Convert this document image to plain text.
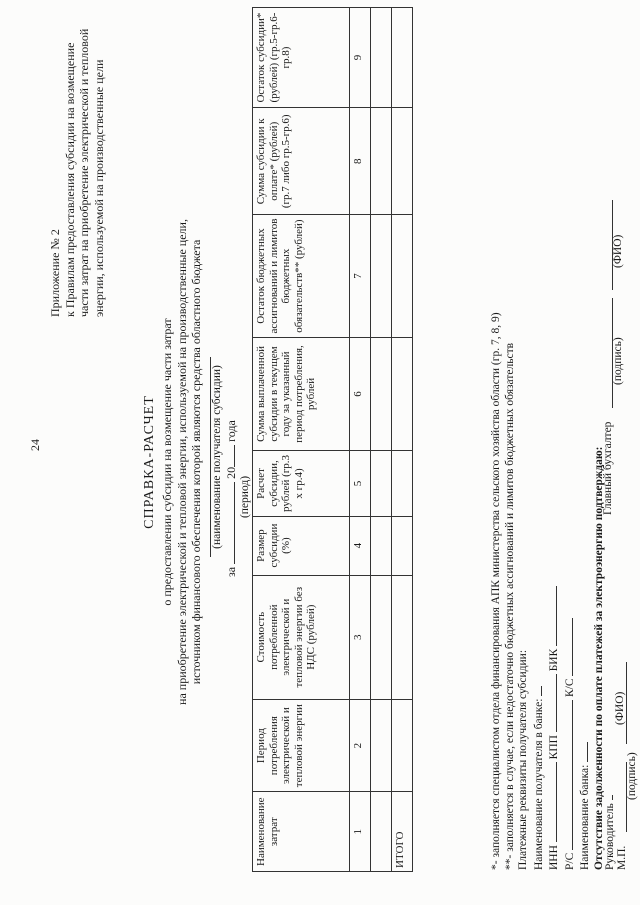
24
Приложение № 2 к Правилам предоставления субсидии на возмещение части затрат на приобретение электрической и тепловой энергии, используемой на производственные цели
СПРАВКА-РАСЧЕТ о предоставлении субсидии на возмещение части затрат на приобретение электрической и тепловой энергии, используемой на производственные цели, источником финансового обеспечения которой являются средства областного бюджета (наименование получателя субсидии)
за  20 года
(период)
Наименование затрат	Период потребления электрической и тепловой энергии	Стоимость потребленной электрической и тепловой энергии без НДС (рублей)	Размер субсидии (%)	Расчет субсидии, рублей (гр.3 x гр.4)	Сумма выплаченной субсидии в текущем году за указанный период потребления, рублей	Остаток бюджетных ассигнований и лимитов бюджетных обязательств** (рублей)	Сумма субсидии к оплате* (рублей) (гр.7 либо гр.5-гр.6)	Остаток субсидии* (рублей) (гр.5-гр.6-гр.8)
1	2	3	4	5	6	7	8	9

ИТОГО									*- заполняется специалистом отдела финансирования АПК министерства сельского хозяйства области (гр. 7, 8, 9) **- заполняется в случае, если недостаточно бюджетных ассигнований и лимитов бюджетных обязательств Платежные реквизиты получателя субсидии: Наименование получателя в банке: ИНН  КПП  БИК
Р/С  К/С
Наименование банка: Отсутствие задолженности по оплате платежей за электроэнергию подтверждаю: Руководитель
Главный бухгалтер
М.П.
(подпись)
(ФИО)
(подпись)
(ФИО)
